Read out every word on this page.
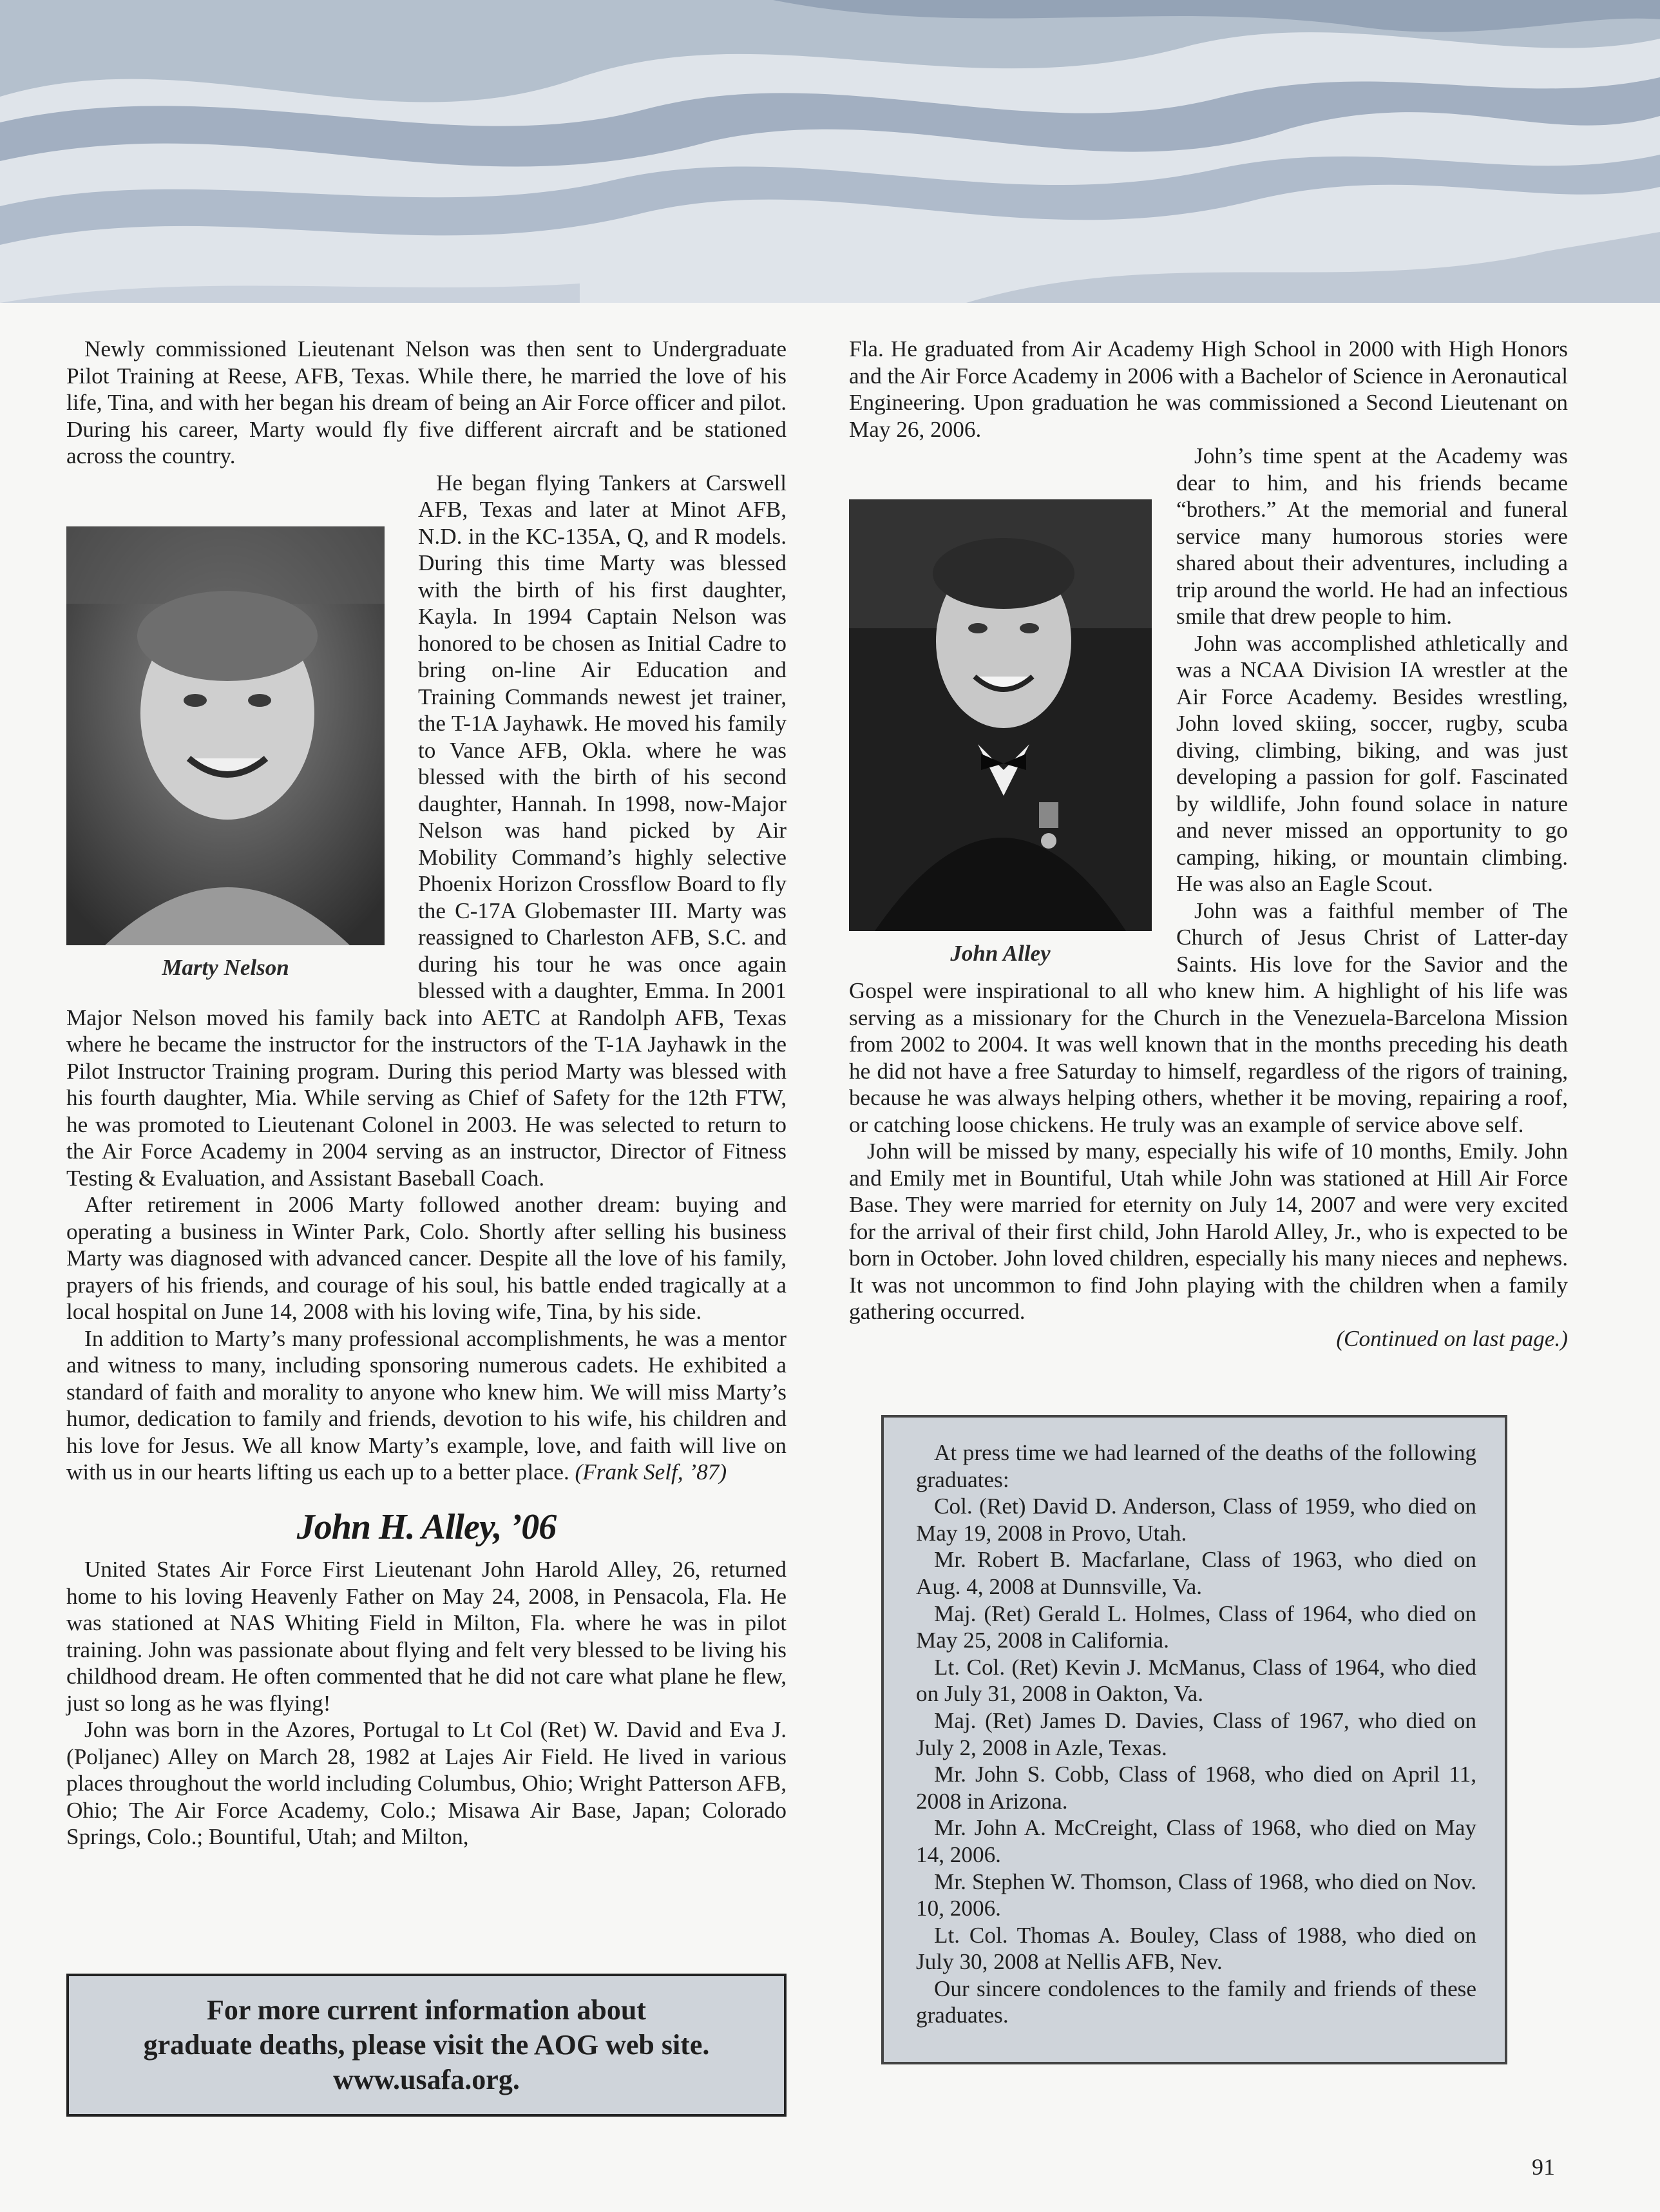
Newly commissioned Lieutenant Nelson was then sent to Undergraduate Pilot Training at Reese, AFB, Texas. While there, he married the love of his life, Tina, and with her began his dream of being an Air Force officer and pilot. During his career, Marty would fly five different aircraft and be stationed across the country.

Marty Nelson

He began flying Tankers at Carswell AFB, Texas and later at Minot AFB, N.D. in the KC-135A, Q, and R models. During this time Marty was blessed with the birth of his first daughter, Kayla. In 1994 Captain Nelson was honored to be chosen as Initial Cadre to bring on-line Air Education and Training Commands newest jet trainer, the T-1A Jayhawk. He moved his family to Vance AFB, Okla. where he was blessed with the birth of his second daughter, Hannah. In 1998, now-Major Nelson was hand picked by Air Mobility Command’s highly selective Phoenix Horizon Crossflow Board to fly the C-17A Globemaster III. Marty was reassigned to Charleston AFB, S.C. and during his tour he was once again blessed with a daughter, Emma. In 2001 Major Nelson moved his family back into AETC at Randolph AFB, Texas where he became the instructor for the instructors of the T-1A Jayhawk in the Pilot Instructor Training program. During this period Marty was blessed with his fourth daughter, Mia. While serving as Chief of Safety for the 12th FTW, he was promoted to Lieutenant Colonel in 2003. He was selected to return to the Air Force Academy in 2004 serving as an instructor, Director of Fitness Testing & Evaluation, and Assistant Baseball Coach.

After retirement in 2006 Marty followed another dream: buying and operating a business in Winter Park, Colo. Shortly after selling his business Marty was diagnosed with advanced cancer. Despite all the love of his family, prayers of his friends, and courage of his soul, his battle ended tragically at a local hospital on June 14, 2008 with his loving wife, Tina, by his side.

In addition to Marty’s many professional accomplishments, he was a mentor and witness to many, including sponsoring numerous cadets. He exhibited a standard of faith and morality to anyone who knew him. We will miss Marty’s humor, dedication to family and friends, devotion to his wife, his children and his love for Jesus. We all know Marty’s example, love, and faith will live on with us in our hearts lifting us each up to a better place. (Frank Self, ’87)

John H. Alley, ’06

United States Air Force First Lieutenant John Harold Alley, 26, returned home to his loving Heavenly Father on May 24, 2008, in Pensacola, Fla. He was stationed at NAS Whiting Field in Milton, Fla. where he was in pilot training. John was passionate about flying and felt very blessed to be living his childhood dream. He often commented that he did not care what plane he flew, just so long as he was flying!

John was born in the Azores, Portugal to Lt Col (Ret) W. David and Eva J. (Poljanec) Alley on March 28, 1982 at Lajes Air Field. He lived in various places throughout the world including Columbus, Ohio; Wright Patterson AFB, Ohio; The Air Force Academy, Colo.; Misawa Air Base, Japan; Colorado Springs, Colo.; Bountiful, Utah; and Milton,

Fla. He graduated from Air Academy High School in 2000 with High Honors and the Air Force Academy in 2006 with a Bachelor of Science in Aeronautical Engineering. Upon graduation he was commissioned a Second Lieutenant on May 26, 2006.

John Alley

John’s time spent at the Academy was dear to him, and his friends became “brothers.” At the memorial and funeral service many humorous stories were shared about their adventures, including a trip around the world. He had an infectious smile that drew people to him.

John was accomplished athletically and was a NCAA Division IA wrestler at the Air Force Academy. Besides wrestling, John loved skiing, soccer, rugby, scuba diving, climbing, biking, and was just developing a passion for golf. Fascinated by wildlife, John found solace in nature and never missed an opportunity to go camping, hiking, or mountain climbing. He was also an Eagle Scout.

John was a faithful member of The Church of Jesus Christ of Latter-day Saints. His love for the Savior and the Gospel were inspirational to all who knew him. A highlight of his life was serving as a missionary for the Church in the Venezuela-Barcelona Mission from 2002 to 2004. It was well known that in the months preceding his death he did not have a free Saturday to himself, regardless of the rigors of training, because he was always helping others, whether it be moving, repairing a roof, or catching loose chickens. He truly was an example of service above self.

John will be missed by many, especially his wife of 10 months, Emily. John and Emily met in Bountiful, Utah while John was stationed at Hill Air Force Base. They were married for eternity on July 14, 2007 and were very excited for the arrival of their first child, John Harold Alley, Jr., who is expected to be born in October. John loved children, especially his many nieces and nephews. It was not uncommon to find John playing with the children when a family gathering occurred.

(Continued on last page.)

At press time we had learned of the deaths of the following graduates:

Col. (Ret) David D. Anderson, Class of 1959, who died on May 19, 2008 in Provo, Utah.

Mr. Robert B. Macfarlane, Class of 1963, who died on Aug. 4, 2008 at Dunnsville, Va.

Maj. (Ret) Gerald L. Holmes, Class of 1964, who died on May 25, 2008 in California.

Lt. Col. (Ret) Kevin J. McManus, Class of 1964, who died on July 31, 2008 in Oakton, Va.

Maj. (Ret) James D. Davies, Class of 1967, who died on July 2, 2008 in Azle, Texas.

Mr. John S. Cobb, Class of 1968, who died on April 11, 2008 in Arizona.

Mr. John A. McCreight, Class of 1968, who died on May 14, 2006.

Mr. Stephen W. Thomson, Class of 1968, who died on Nov. 10, 2006.

Lt. Col. Thomas A. Bouley, Class of 1988, who died on July 30, 2008 at Nellis AFB, Nev.

Our sincere condolences to the family and friends of these graduates.

For more current information about
graduate deaths, please visit the AOG web site.
www.usafa.org.
91
